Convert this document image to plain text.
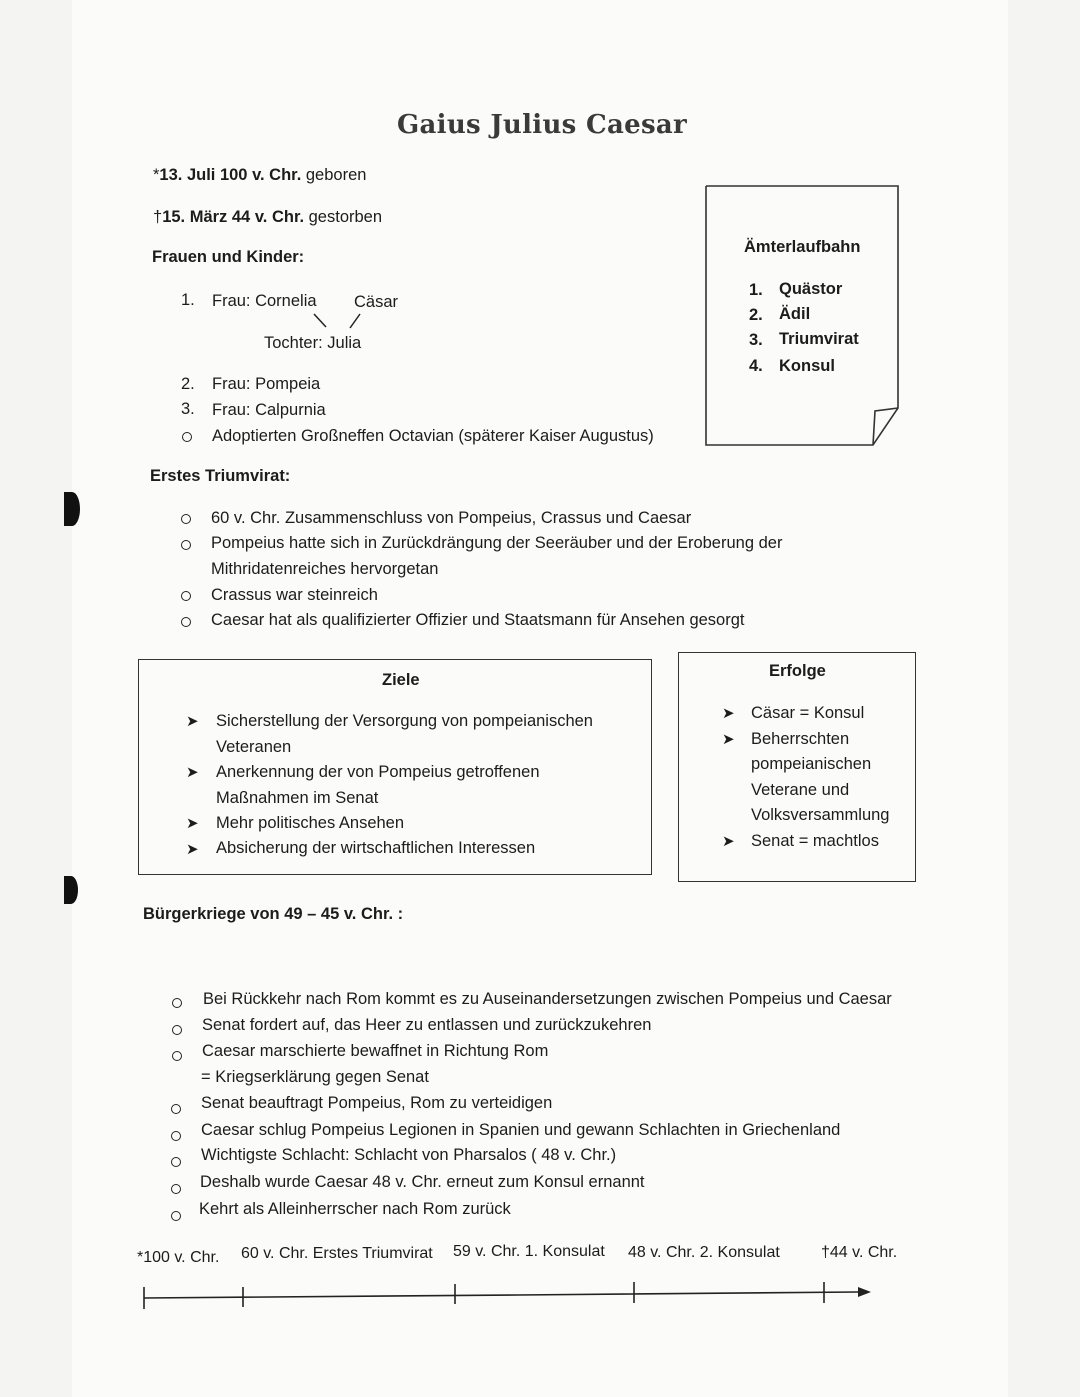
Gaius Julius Caesar
*13. Juli 100 v. Chr. geboren
†15. März 44 v. Chr. gestorben
Frauen und Kinder:
1. Frau: Cornelia Cäsar
Tochter: Julia
2. Frau: Pompeia
3. Frau: Calpurnia
Adoptierten Großneffen Octavian (späterer Kaiser Augustus)
Ämterlaufbahn
1. Quästor
2. Ädil
3. Triumvirat
4. Konsul
Erstes Triumvirat:
60 v. Chr. Zusammenschluss von Pompeius, Crassus und Caesar
Pompeius hatte sich in Zurückdrängung der Seeräuber und der Eroberung der
Mithridatenreiches hervorgetan
Crassus war steinreich
Caesar hat als qualifizierter Offizier und Staatsmann für Ansehen gesorgt
Ziele
➤ Sicherstellung der Versorgung von pompeianischen
Veteranen
➤ Anerkennung der von Pompeius getroffenen
Maßnahmen im Senat
➤ Mehr politisches Ansehen
➤ Absicherung der wirtschaftlichen Interessen
Erfolge
➤ Cäsar = Konsul
➤ Beherrschten
pompeianischen
Veterane und
Volksversammlung
➤ Senat = machtlos
Bürgerkriege von 49 – 45 v. Chr. :
Bei Rückkehr nach Rom kommt es zu Auseinandersetzungen zwischen Pompeius und Caesar
Senat fordert auf, das Heer zu entlassen und zurückzukehren
Caesar marschierte bewaffnet in Richtung Rom
= Kriegserklärung gegen Senat
Senat beauftragt Pompeius, Rom zu verteidigen
Caesar schlug Pompeius Legionen in Spanien und gewann Schlachten in Griechenland
Wichtigste Schlacht: Schlacht von Pharsalos ( 48 v. Chr.)
Deshalb wurde Caesar 48 v. Chr. erneut zum Konsul ernannt
Kehrt als Alleinherrscher nach Rom zurück
*100 v. Chr. 60 v. Chr. Erstes Triumvirat 59 v. Chr. 1. Konsulat 48 v. Chr. 2. Konsulat	†44 v. Chr.
